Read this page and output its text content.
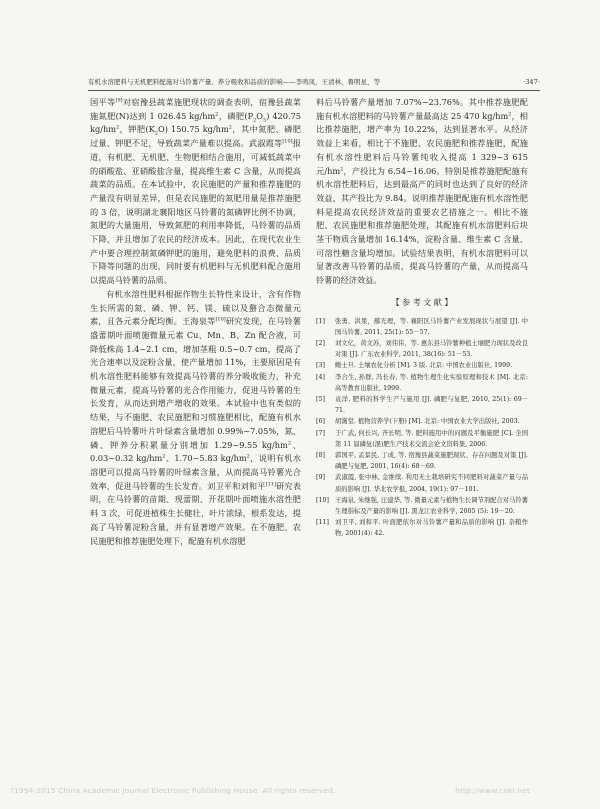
有机水溶肥料与无机肥料配施对马铃薯产量、养分吸收和品质的影响——李鸣凤，王清林，鲁明星，等	·347·

国平等[9]对宿豫县蔬菜施肥现状的调查表明，宿豫县蔬菜施氮肥(N)达到 1 026.45 $kg/hm^2$，磷肥$(P_2O_5)$ 420.75 $kg/hm^2$，钾肥$(K_2O)$ 150.75 $kg/hm^2$，其中氮肥、磷肥过量、钾肥不足，导致蔬菜产量难以提高。武淑霞等[10]报道，有机肥、无机肥、生物肥相结合施用，可减低蔬菜中的硝酸盐、亚硝酸盐含量，提高维生素 C 含量，从而提高蔬菜的品质。在本试验中，农民施肥的产量和推荐施肥的产量没有明显差异，但是农民施肥的氮肥用量是推荐施肥的 3 倍，说明湖北襄阳地区马铃薯的氮磷钾比例不协调，氮肥的大量施用，导致氮肥的利用率降低，马铃薯的品质下降，并且增加了农民的经济成本。因此，在现代农业生产中要合理控制氮磷钾肥的施用，避免肥料的浪费、品质下降等问题的出现，同时要有机肥料与无机肥料配合施用以提高马铃薯的品质。

有机水溶性肥料根据作物生长特性来设计，含有作物生长所需的氮、磷、钾、钙、镁、硫以及螯合态微量元素，且各元素分配均衡。王海泉等[10]研究发现，在马铃薯盛蕾期叶面喷施微量元素 Cu、Mn、B、Zn 配合液，可降低株高 1.4~2.1 cm，增加茎粗 0.5~0.7 cm，提高了光合速率以及淀粉含量，使产量增加 11%，主要原因是有机水溶性肥料能够有效提高马铃薯的养分吸收能力，补充微量元素，提高马铃薯的光合作用能力，促进马铃薯的生长发育，从而达到增产增收的效果。本试验中也有类似的结果，与不施肥、农民施肥和习惯施肥相比，配施有机水溶肥后马铃薯叶片叶绿素含量增加 0.99%~7.05%，氮、磷、钾养分积累量分别增加 1.29~9.55 $kg/hm^2$、0.03~0.32 $kg/hm^2$、1.70~5.83 $kg/hm^2$，说明有机水溶肥可以提高马铃薯的叶绿素含量，从而提高马铃薯光合效率，促进马铃薯的生长发育。刘卫平和刘和平[11]研究表明，在马铃薯的苗期、现蕾期、开花期叶面喷施水溶性肥料 3 次，可促进植株生长健壮，叶片浓绿，根系发达，提高了马铃薯淀粉含量，并有显著增产效果。在不施肥、农民施肥和推荐施肥处理下，配施有机水溶肥

料后马铃薯产量增加 7.07%~23.76%。其中推荐施肥配施有机水溶肥料的马铃薯产量最高达 25 470 $kg/hm^2$，相比推荐施肥，增产率为 10.22%，达到显著水平。从经济效益上来看，相比于不施肥、农民施肥和推荐施肥，配施有机水溶性肥料后马铃薯纯收入提高 1 329~3 615 元$/hm^2$，产投比为 6.54~16.06。特别是推荐施肥配施有机水溶性肥料后，达到最高产的同时也达到了良好的经济效益，其产投比为 9.84。说明推荐施肥配施有机水溶性肥料是提高农民经济效益的重要农艺措施之一。相比不施肥、农民施肥和推荐施肥处理，其配施有机水溶肥料后块茎干物质含量增加 16.14%，淀粉含量、维生素 C 含量、可溶性糖含量均增加。试验结果表明，有机水溶肥料可以显著改善马铃薯的品质，提高马铃薯的产量，从而提高马铃薯的经济效益。

【 参 考 文 献 】
[1] 张勇，洪果，鄢光理，等. 襄阳区马铃薯产业发展现状与展望 [J]. 中国马铃薯, 2011, 25(1): 55－57.
[2] 刘文亿，黄文苏，刘伟伟，等. 惠东县马铃薯种植土壤肥力现状及改良对策 [J]. 广东农业科学, 2011, 38(16): 51－53.
[3] 鲍士旦. 土壤农化分析 [M]. 3 版. 北京: 中国农业出版社, 1999.
[4] 李合生, 孙群, 冯长春, 等. 植物生理生化实验原理和技术 [M]. 北京: 高等教育出版社, 1999.
[5] 袁洋. 肥料的科学生产与施用 [J]. 磷肥与复肥, 2010, 25(1): 69－71.
[6] 胡霭堂. 植物营养学(下册) [M]. 北京: 中国农业大学出版社, 2003.
[7] 于广武, 何长兴, 齐长明, 等. 肥料施用中的问题及平衡施肥 [C]. 全国第 11 届磷复(混)肥生产技术交流会论文资料集, 2006.
[8] 郭国平, 孟景民, 丁成, 等. 宿豫县蔬菜施肥现状、存在问题及对策 [J]. 磷肥与复肥, 2001, 16(4): 68－69.
[9] 武淑霞, 张中林, 金维续. 利用无土栽培研究不同肥料对蔬菜产量与品质的影响 [J]. 华北农学报, 2004, 19(1): 97－101.
[10] 王海泉, 朱继强, 汪建华, 等. 微量元素与植物生长调节剂配合对马铃薯生理指标及产量的影响 [J]. 黑龙江农业科学, 2005 (5): 19－20.
[11] 刘卫平, 刘和平. 叶面肥依尔对马铃薯产量和品质的影响 [J]. 杂粮作物, 2001(4): 42.
?1994-2015 China Academic Journal Electronic Publishing House. All rights reserved.	http://www.cnki.net
